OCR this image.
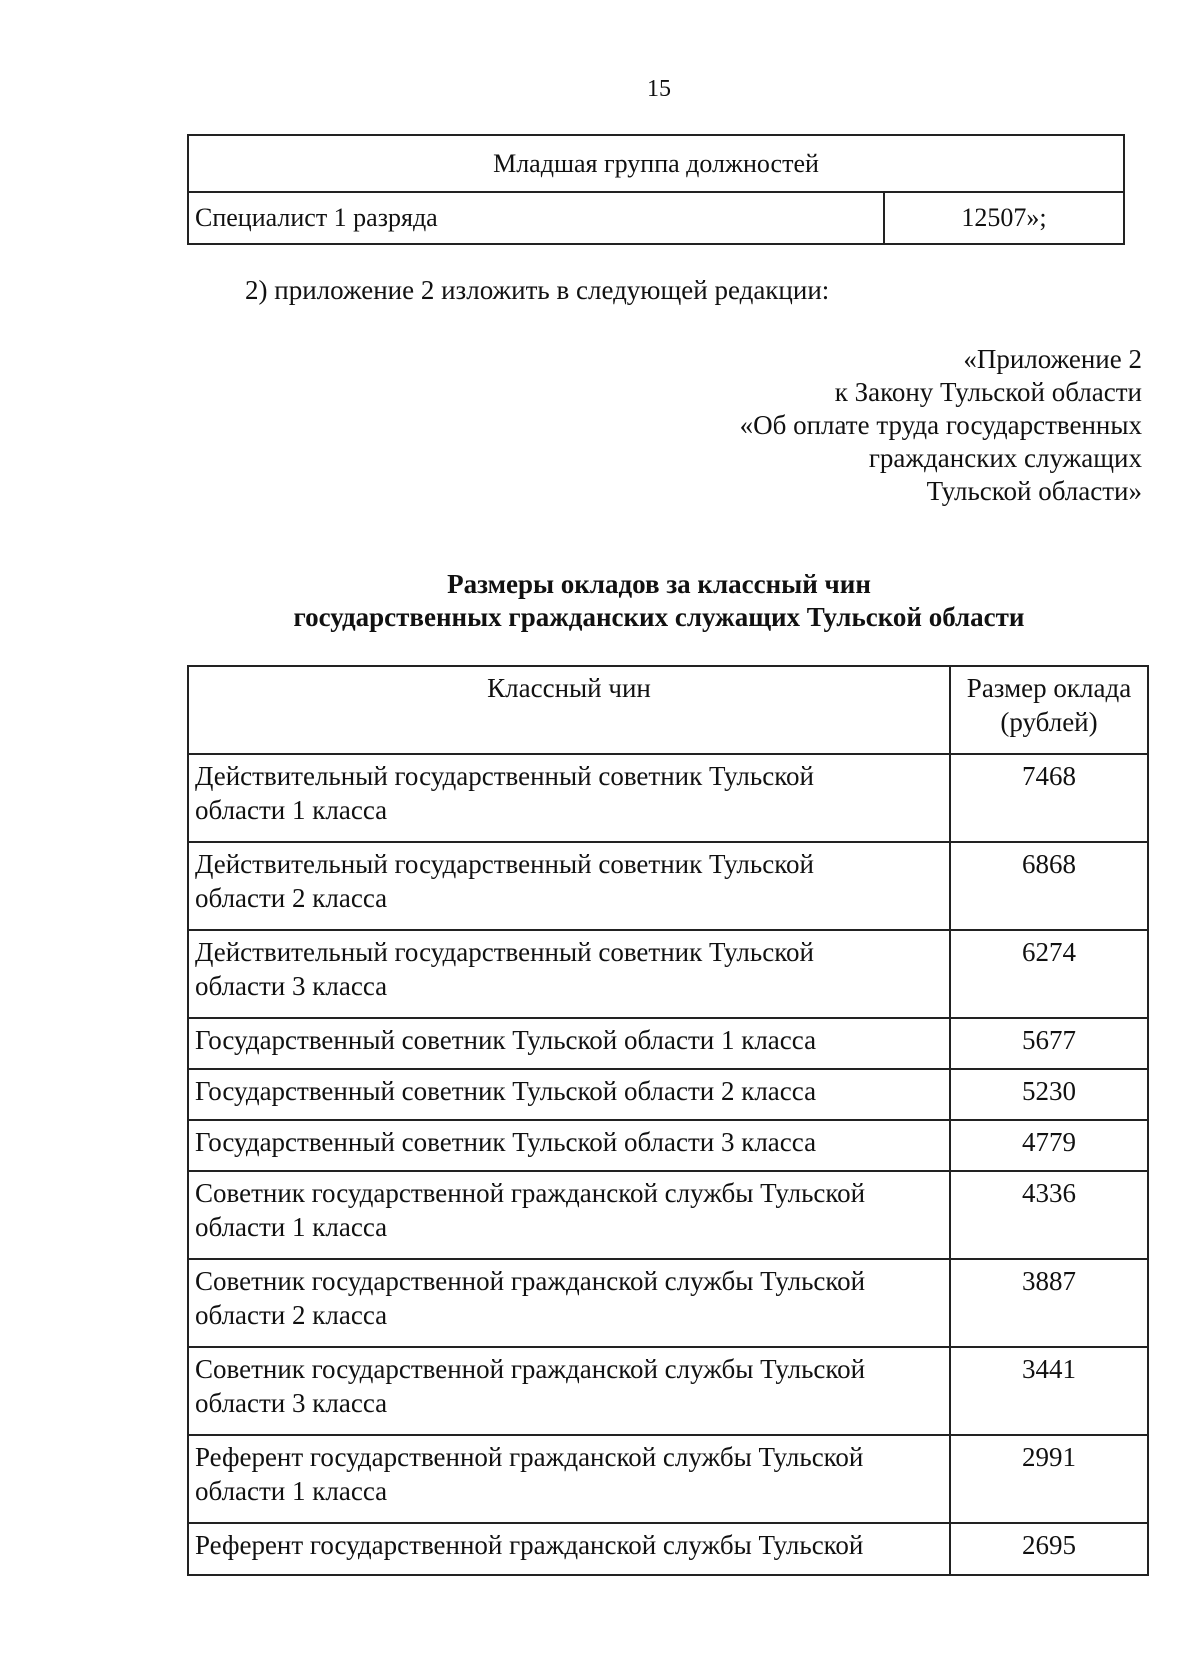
15
Младшая группа должностей
Специалист 1 разряда	12507»;
2) приложение 2 изложить в следующей редакции:
«Приложение 2
к Закону Тульской области
«Об оплате труда государственных
гражданских служащих
Тульской области»
Размеры окладов за классный чин
государственных гражданских служащих Тульской области
Классный чин	Размер оклада
(рублей)

Действительный государственный советник Тульской
области 1 класса	7468

Действительный государственный советник Тульской
области 2 класса	6868

Действительный государственный советник Тульской
области 3 класса	6274
Государственный советник Тульской области 1 класса	5677
Государственный советник Тульской области 2 класса	5230
Государственный советник Тульской области 3 класса	4779

Советник государственной гражданской службы Тульской
области 1 класса	4336

Советник государственной гражданской службы Тульской
области 2 класса	3887

Советник государственной гражданской службы Тульской
области 3 класса	3441

Референт государственной гражданской службы Тульской
области 1 класса	2991
Референт государственной гражданской службы Тульской	2695
